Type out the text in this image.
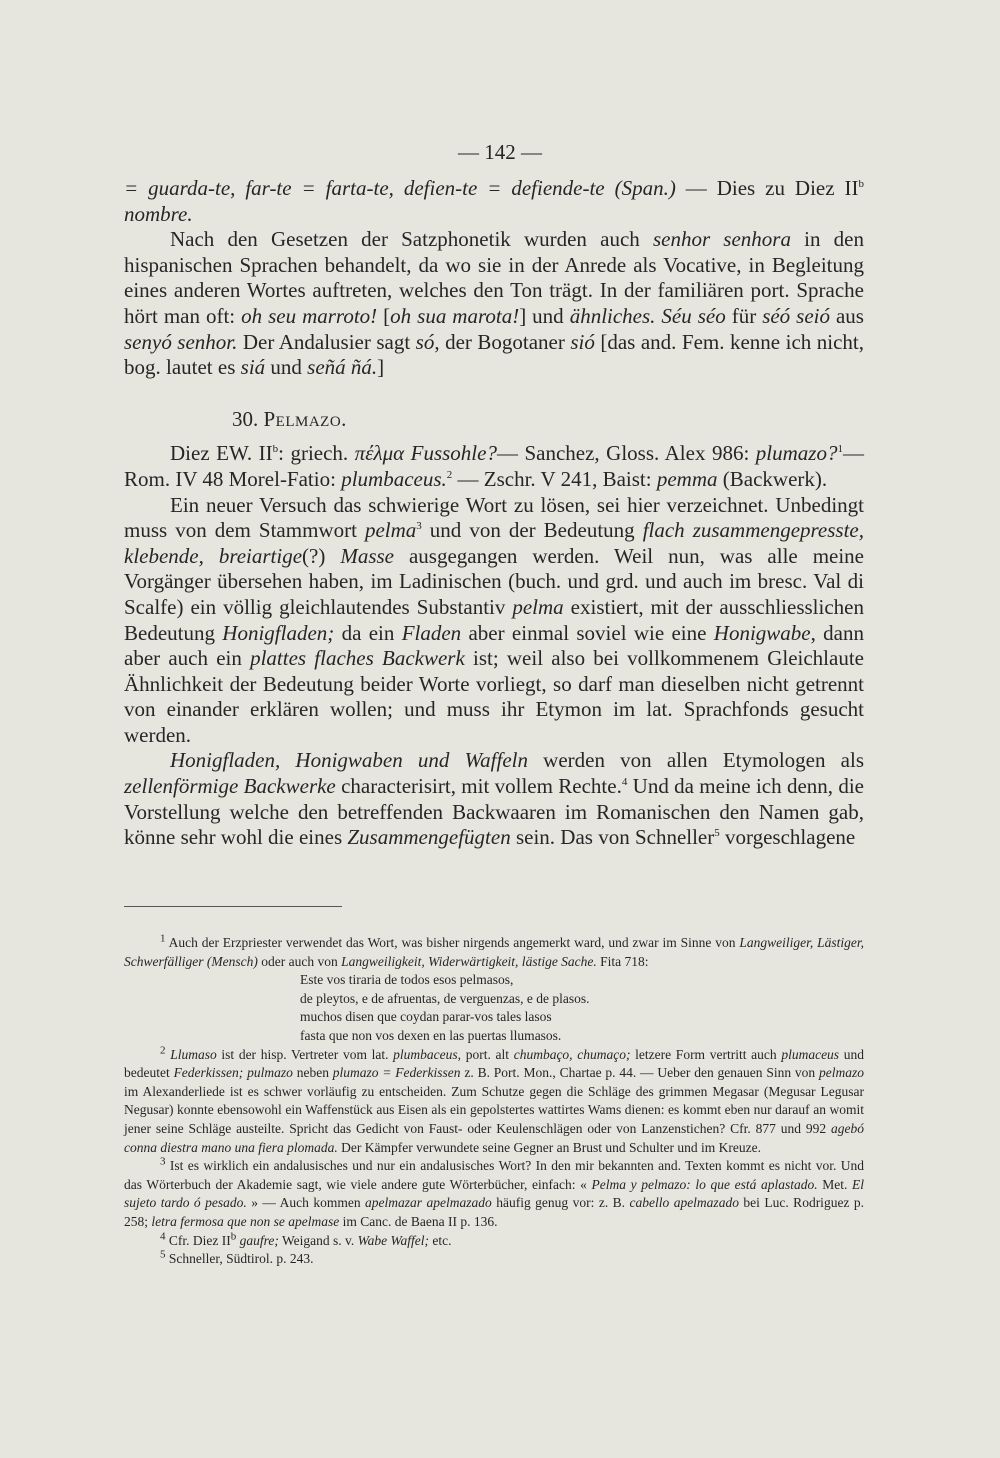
— 142 —

= guarda-te, far-te = farta-te, defien-te = defiende-te (Span.) — Dies zu Diez $II^b$ nombre.

Nach den Gesetzen der Satzphonetik wurden auch senhor senhora in den hispanischen Sprachen behandelt, da wo sie in der Anrede als Vocative, in Begleitung eines anderen Wortes auftreten, welches den Ton trägt. In der familiären port. Sprache hört man oft: oh seu marroto! [oh sua marota!] und ähnliches. Séu séo für séó seió aus senyó senhor. Der Andalusier sagt só, der Bogotaner sió [das and. Fem. kenne ich nicht, bog. lautet es siá und señá ñá.]

30. Pelmazo.

Diez EW. $II^b$: griech. πέλμα Fussohle?— Sanchez, Gloss. Alex 986: plumazo?$^1$— Rom. IV 48 Morel-Fatio: plumbaceus.$^2$ — Zschr. V 241, Baist: pemma (Backwerk).

Ein neuer Versuch das schwierige Wort zu lösen, sei hier verzeichnet. Unbedingt muss von dem Stammwort pelma$^3$ und von der Bedeutung flach zusammengepresste, klebende, breiartige(?) Masse ausgegangen werden. Weil nun, was alle meine Vorgänger übersehen haben, im Ladinischen (buch. und grd. und auch im bresc. Val di Scalfe) ein völlig gleichlautendes Substantiv pelma existiert, mit der ausschliesslichen Bedeutung Honigfladen; da ein Fladen aber einmal soviel wie eine Honigwabe, dann aber auch ein plattes flaches Backwerk ist; weil also bei vollkommenem Gleichlaute Ähnlichkeit der Bedeutung beider Worte vorliegt, so darf man dieselben nicht getrennt von einander erklären wollen; und muss ihr Etymon im lat. Sprachfonds gesucht werden.

Honigfladen, Honigwaben und Waffeln werden von allen Etymologen als zellenförmige Backwerke characterisirt, mit vollem Rechte.$^4$ Und da meine ich denn, die Vorstellung welche den betreffenden Backwaaren im Romanischen den Namen gab, könne sehr wohl die eines Zusammengefügten sein. Das von Schneller$^5$ vorgeschlagene

$^1$ Auch der Erzpriester verwendet das Wort, was bisher nirgends angemerkt ward, und zwar im Sinne von Langweiliger, Lästiger, Schwerfälliger (Mensch) oder auch von Langweiligkeit, Widerwärtigkeit, lästige Sache. Fita 718:

Este vos tiraria de todos esos pelmasos,
de pleytos, e de afruentas, de verguenzas, e de plasos.
muchos disen que coydan parar-vos tales lasos
fasta que non vos dexen en las puertas llumasos.

$^2$ Llumaso ist der hisp. Vertreter vom lat. plumbaceus, port. alt chumbaço, chumaço; letzere Form vertritt auch plumaceus und bedeutet Federkissen; pulmazo neben plumazo = Federkissen z. B. Port. Mon., Chartae p. 44. — Ueber den genauen Sinn von pelmazo im Alexanderliede ist es schwer vorläufig zu entscheiden. Zum Schutze gegen die Schläge des grimmen Megasar (Megusar Legusar Negusar) konnte ebensowohl ein Waffenstück aus Eisen als ein gepolstertes wattirtes Wams dienen: es kommt eben nur darauf an womit jener seine Schläge austeilte. Spricht das Gedicht von Faust- oder Keulenschlägen oder von Lanzenstichen? Cfr. 877 und 992 agebó conna diestra mano una fiera plomada. Der Kämpfer verwundete seine Gegner an Brust und Schulter und im Kreuze.

$^3$ Ist es wirklich ein andalusisches und nur ein andalusisches Wort? In den mir bekannten and. Texten kommt es nicht vor. Und das Wörterbuch der Akademie sagt, wie viele andere gute Wörterbücher, einfach: « Pelma y pelmazo: lo que está aplastado. Met. El sujeto tardo ó pesado. » — Auch kommen apelmazar apelmazado häufig genug vor: z. B. cabello apelmazado bei Luc. Rodriguez p. 258; letra fermosa que non se apelmase im Canc. de Baena II p. 136.

$^4$ Cfr. Diez $II^b$ gaufre; Weigand s. v. Wabe Waffel; etc.

$^5$ Schneller, Südtirol. p. 243.
